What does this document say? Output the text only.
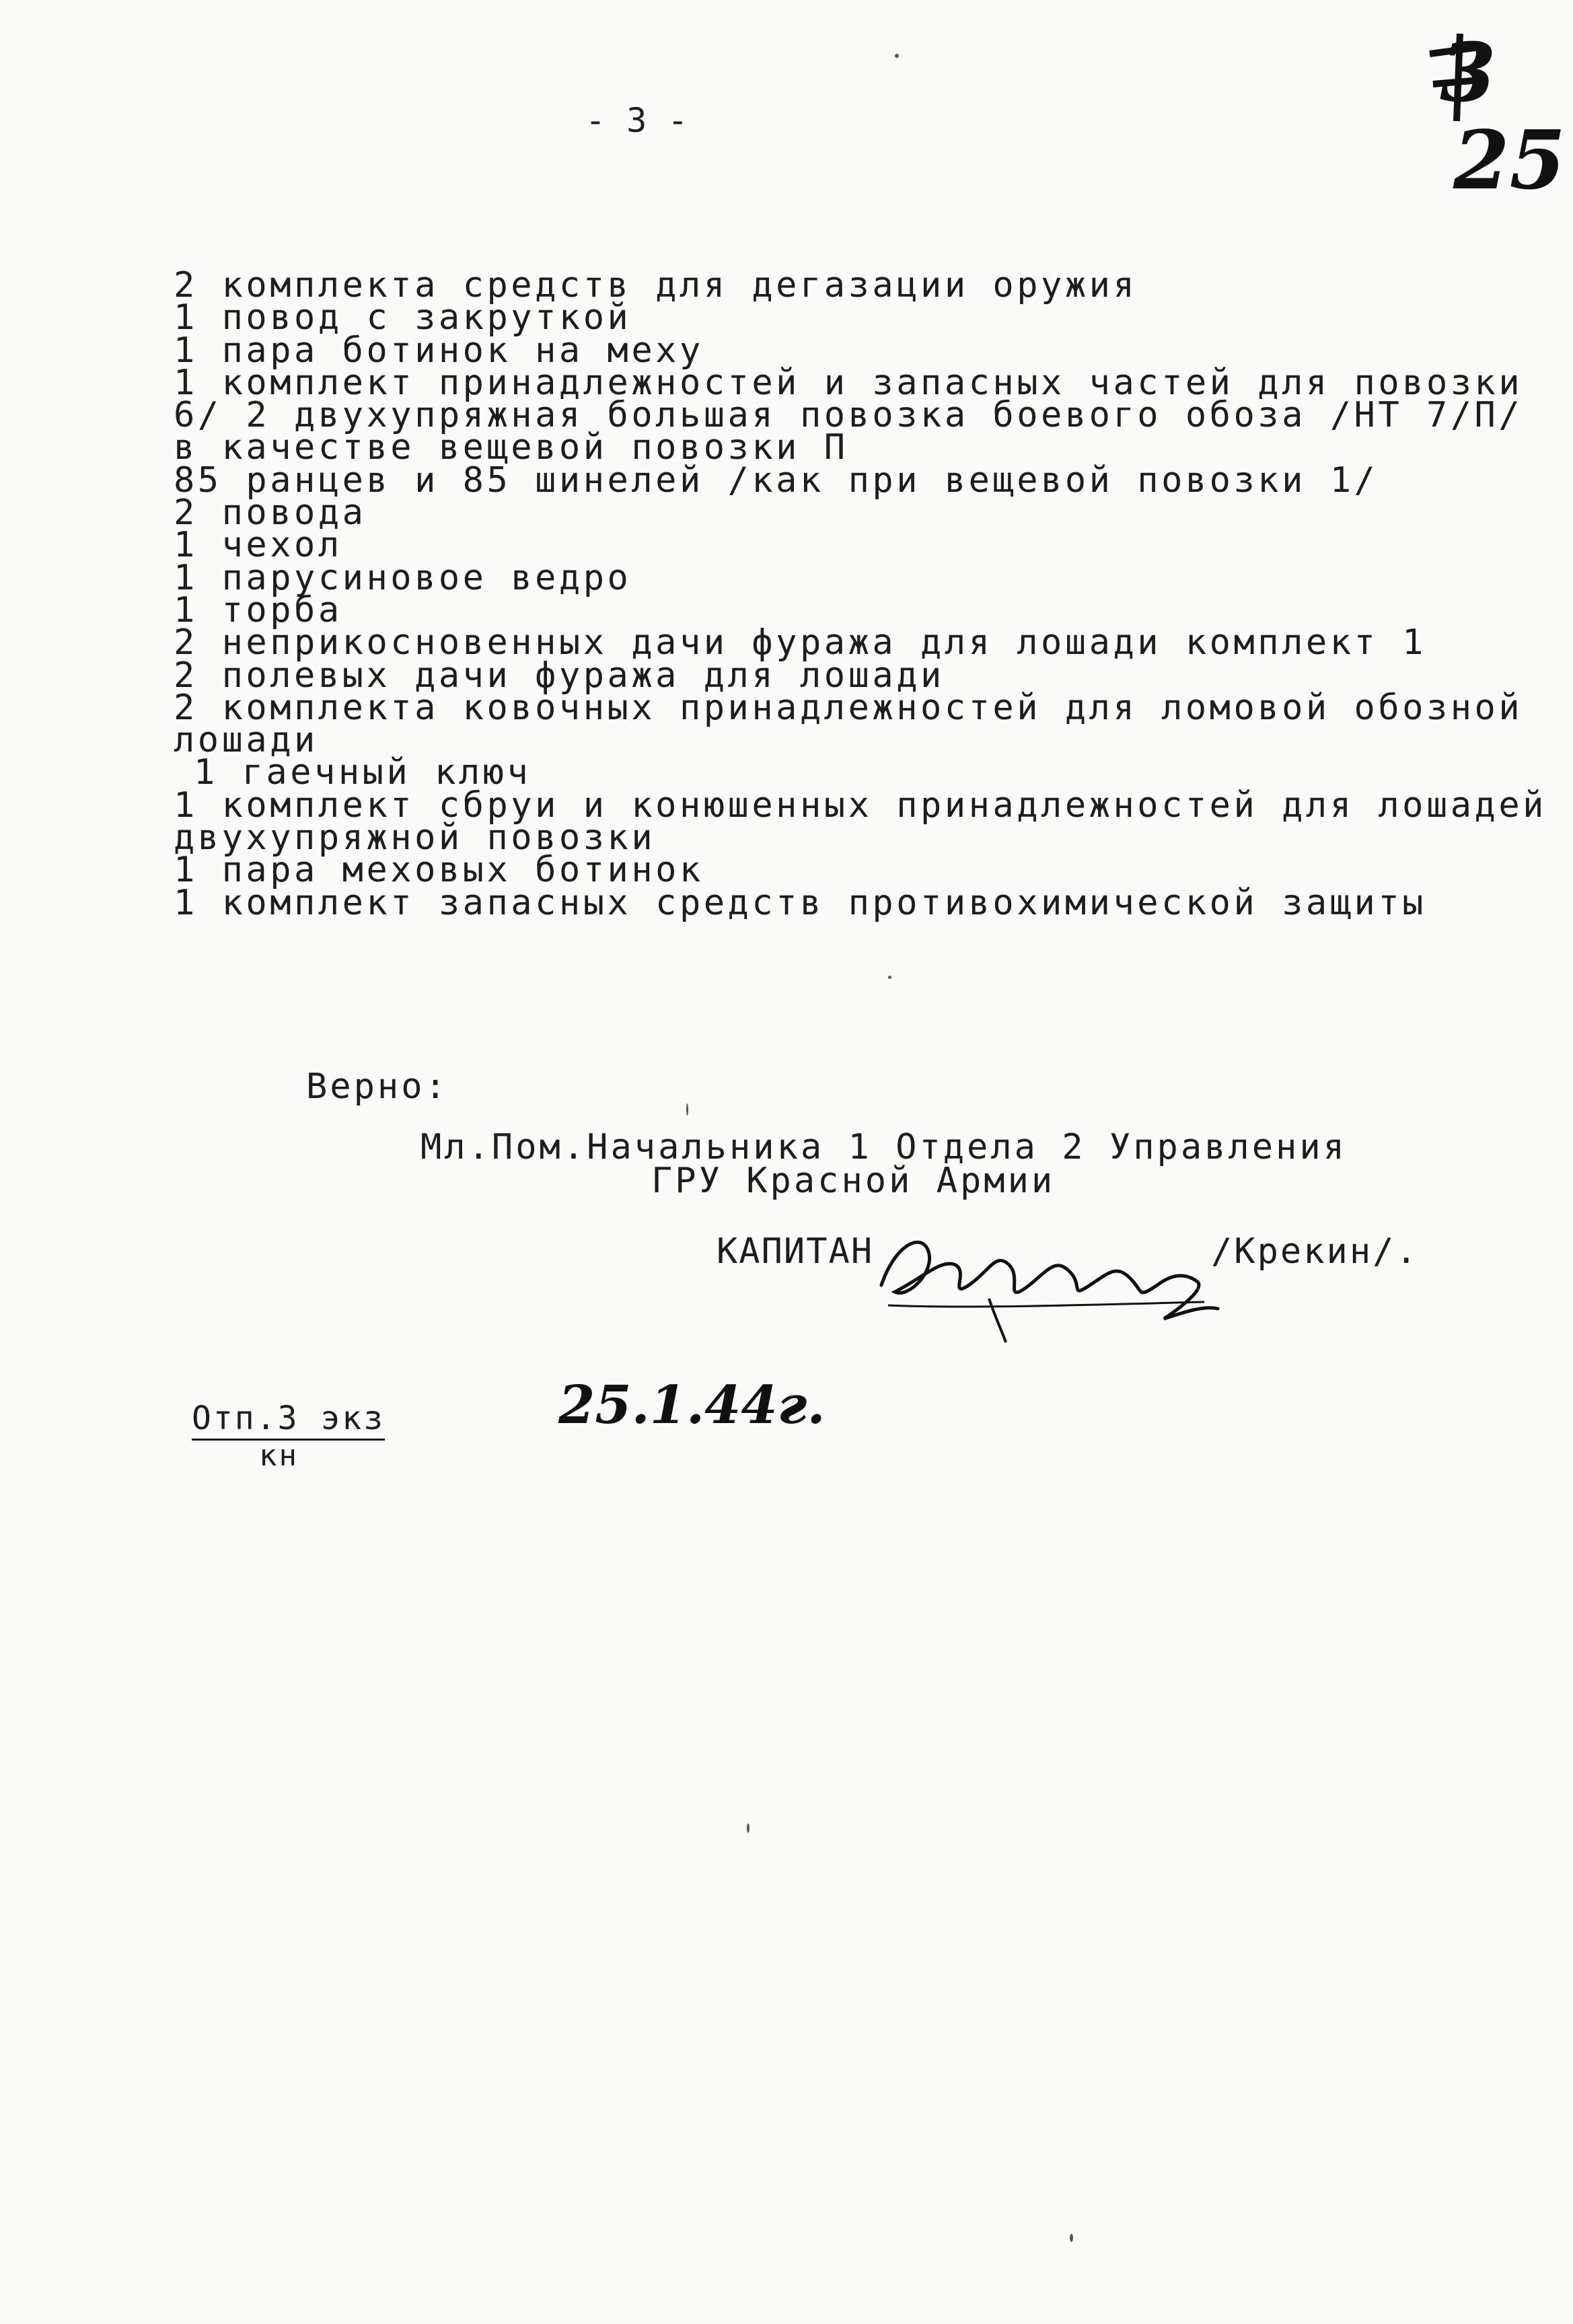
- 3 -	3
25
2 комплекта средств для дегазации оружия
1 повод с закруткой
1 пара ботинок на меху
1 комплект принадлежностей и запасных частей для повозки
6/ 2 двухупряжная большая повозка боевого обоза /НТ 7/П/
в качестве вещевой повозки П
85 ранцев и 85 шинелей /как при вещевой повозки 1/
2 повода
1 чехол
1 парусиновое ведро
1 торба
2 неприкосновенных дачи фуража для лошади комплект 1
2 полевых дачи фуража для лошади
2 комплекта ковочных принадлежностей для ломовой обозной
лошади
1 гаечный ключ
1 комплект сбруи и конюшенных принадлежностей для лошадей
двухупряжной повозки
1 пара меховых ботинок
1 комплект запасных средств противохимической защиты
Верно:
Мл.Пом.Начальника 1 Отдела 2 Управления
ГРУ Красной Армии
КАПИТАН	/Крекин/.
25.1.44г.
Отп.3 экз
кн
